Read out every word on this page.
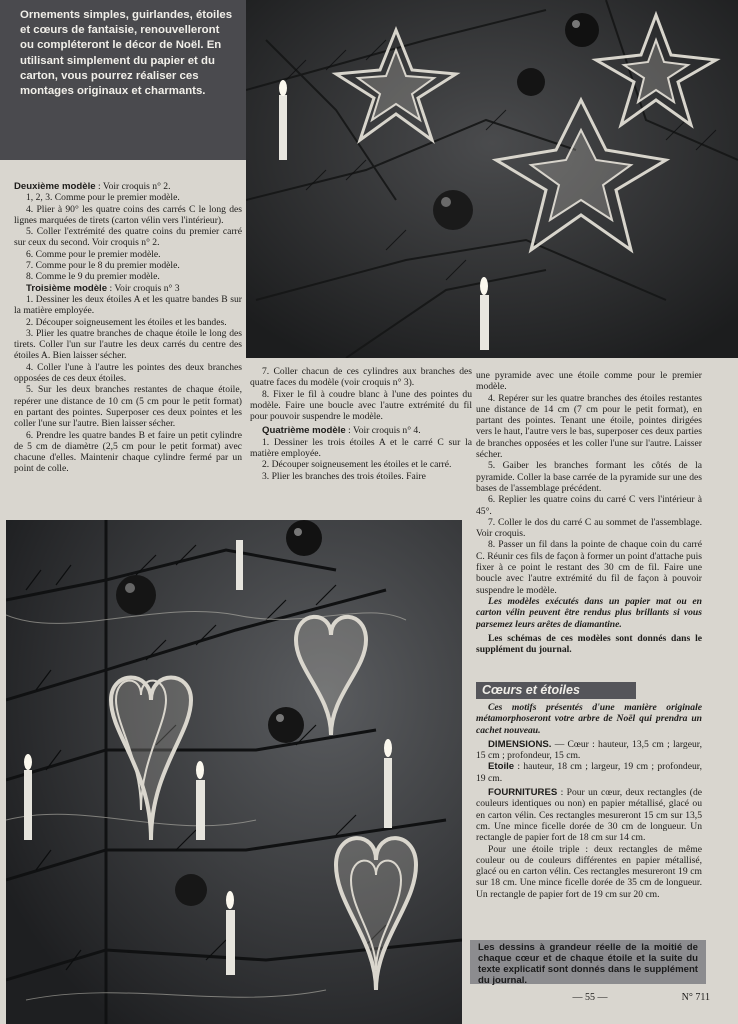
Ornements simples, guirlandes, étoiles et cœurs de fantaisie, renouvelleront ou compléteront le décor de Noël. En utilisant simplement du papier et du carton, vous pourrez réaliser ces montages originaux et charmants.

Deuxième modèle : Voir croquis n° 2.

1, 2, 3. Comme pour le premier modèle.

4. Plier à 90° les quatre coins des carrés C le long des lignes marquées de tirets (carton vélin vers l'intérieur).

5. Coller l'extrémité des quatre coins du premier carré sur ceux du second. Voir croquis n° 2.

6. Comme pour le premier modèle.

7. Comme pour le 8 du premier modèle.

8. Comme le 9 du premier modèle.

Troisième modèle : Voir croquis n° 3

1. Dessiner les deux étoiles A et les quatre bandes B sur la matière employée.

2. Découper soigneusement les étoiles et les bandes.

3. Plier les quatre branches de chaque étoile le long des tirets. Coller l'un sur l'autre les deux carrés du centre des étoiles A. Bien laisser sécher.

4. Coller l'une à l'autre les pointes des deux branches opposées de ces deux étoiles.

5. Sur les deux branches restantes de chaque étoile, repérer une distance de 10 cm (5 cm pour le petit format) en partant des pointes. Superposer ces deux pointes et les coller l'une sur l'autre. Bien laisser sécher.

6. Prendre les quatre bandes B et faire un petit cylindre de 5 cm de diamètre (2,5 cm pour le petit format) avec chacune d'elles. Maintenir chaque cylindre fermé par un point de colle.

7. Coller chacun de ces cylindres aux branches des quatre faces du modèle (voir croquis n° 3).

8. Fixer le fil à coudre blanc à l'une des pointes du modèle. Faire une boucle avec l'autre extrémité du fil pour pouvoir suspendre le modèle.

Quatrième modèle : Voir croquis n° 4.

1. Dessiner les trois étoiles A et le carré C sur la matière employée.

2. Découper soigneusement les étoiles et le carré.

3. Plier les branches des trois étoiles. Faire

une pyramide avec une étoile comme pour le premier modèle.

4. Repérer sur les quatre branches des étoiles restantes une distance de 14 cm (7 cm pour le petit format), en partant des pointes. Tenant une étoile, pointes dirigées vers le haut, l'autre vers le bas, superposer ces deux parties de branches opposées et les coller l'une sur l'autre. Laisser sécher.

5. Gaiber les branches formant les côtés de la pyramide. Coller la base carrée de la pyramide sur une des bases de l'assemblage précédent.

6. Replier les quatre coins du carré C vers l'intérieur à 45°.

7. Coller le dos du carré C au sommet de l'assemblage. Voir croquis.

8. Passer un fil dans la pointe de chaque coin du carré C. Réunir ces fils de façon à former un point d'attache puis fixer à ce point le restant des 30 cm de fil. Faire une boucle avec l'autre extrémité du fil de façon à pouvoir suspendre le modèle.

Les modèles exécutés dans un papier mat ou en carton vélin peuvent être rendus plus brillants si vous parsemez leurs arêtes de diamantine.

Les schémas de ces modèles sont donnés dans le supplément du journal.

Cœurs et étoiles

Ces motifs présentés d'une manière originale métamorphoseront votre arbre de Noël qui prendra un cachet nouveau.

DIMENSIONS. — Cœur : hauteur, 13,5 cm ; largeur, 15 cm ; profondeur, 15 cm.

Etoile : hauteur, 18 cm ; largeur, 19 cm ; profondeur, 19 cm.

FOURNITURES : Pour un cœur, deux rectangles (de couleurs identiques ou non) en papier métallisé, glacé ou en carton vélin. Ces rectangles mesureront 15 cm sur 13,5 cm. Une mince ficelle dorée de 30 cm de longueur. Un rectangle de papier fort de 18 cm sur 14 cm.

Pour une étoile triple : deux rectangles de même couleur ou de couleurs différentes en papier métallisé, glacé ou en carton vélin. Ces rectangles mesureront 19 cm sur 18 cm. Une mince ficelle dorée de 35 cm de longueur. Un rectangle de papier fort de 19 cm sur 20 cm.

Les dessins à grandeur réelle de la moitié de chaque cœur et de chaque étoile et la suite du texte explicatif sont donnés dans le supplément du journal.
— 55 —	N° 711
